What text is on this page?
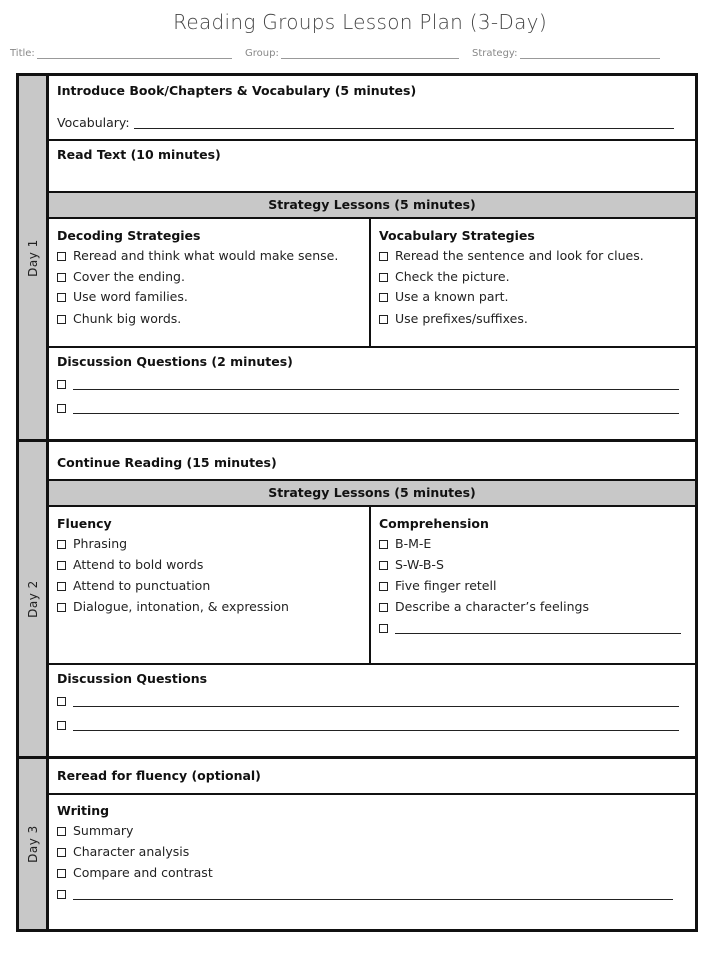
Reading Groups Lesson Plan (3-Day)
Title:	Group:	Strategy:
Day 1
Introduce Book/Chapters & Vocabulary (5 minutes)
Vocabulary:
Read Text (10 minutes)
Strategy Lessons (5 minutes)
Decoding Strategies
Reread and think what would make sense.
Cover the ending.
Use word families.
Chunk big words.
Vocabulary Strategies
Reread the sentence and look for clues.
Check the picture.
Use a known part.
Use prefixes/suffixes.
Discussion Questions (2 minutes)
Day 2
Continue Reading (15 minutes)
Strategy Lessons (5 minutes)
Fluency
Phrasing
Attend to bold words
Attend to punctuation
Dialogue, intonation, & expression
Comprehension
B-M-E
S-W-B-S
Five finger retell
Describe a character’s feelings
Discussion Questions
Day 3
Reread for fluency (optional)
Writing
Summary
Character analysis
Compare and contrast
